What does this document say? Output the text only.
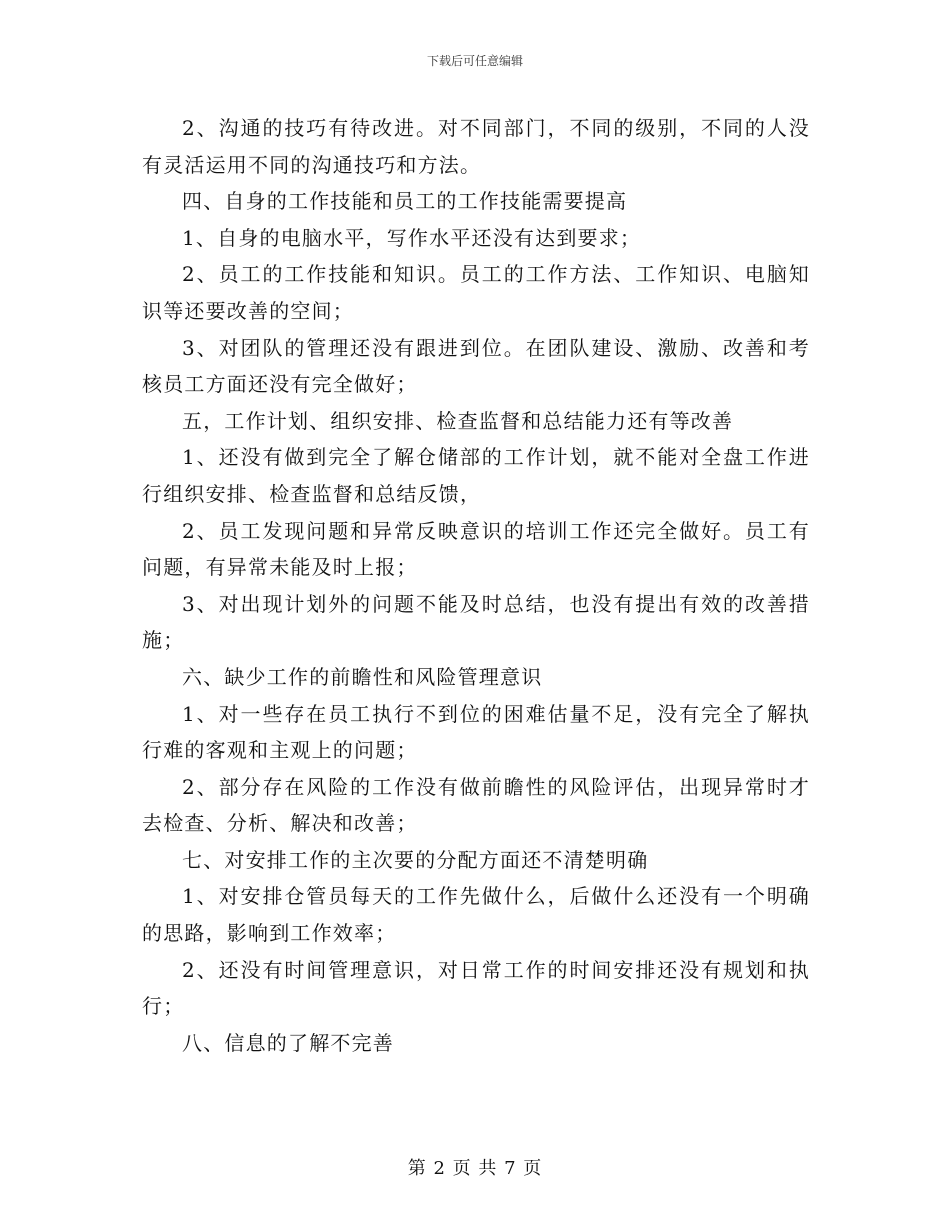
下载后可任意编辑

2、沟通的技巧有待改进。对不同部门，不同的级别，不同的人没有灵活运用不同的沟通技巧和方法。

四、自身的工作技能和员工的工作技能需要提高

1、自身的电脑水平，写作水平还没有达到要求；

2、员工的工作技能和知识。员工的工作方法、工作知识、电脑知识等还要改善的空间；

3、对团队的管理还没有跟进到位。在团队建设、激励、改善和考核员工方面还没有完全做好；

五，工作计划、组织安排、检查监督和总结能力还有等改善

1、还没有做到完全了解仓储部的工作计划，就不能对全盘工作进行组织安排、检查监督和总结反馈，

2、员工发现问题和异常反映意识的培训工作还完全做好。员工有问题，有异常未能及时上报；

3、对出现计划外的问题不能及时总结，也没有提出有效的改善措施；

六、缺少工作的前瞻性和风险管理意识

1、对一些存在员工执行不到位的困难估量不足，没有完全了解执行难的客观和主观上的问题；

2、部分存在风险的工作没有做前瞻性的风险评估，出现异常时才去检查、分析、解决和改善；

七、对安排工作的主次要的分配方面还不清楚明确

1、对安排仓管员每天的工作先做什么，后做什么还没有一个明确的思路，影响到工作效率；

2、还没有时间管理意识，对日常工作的时间安排还没有规划和执行；

八、信息的了解不完善

第 2 页 共 7 页
